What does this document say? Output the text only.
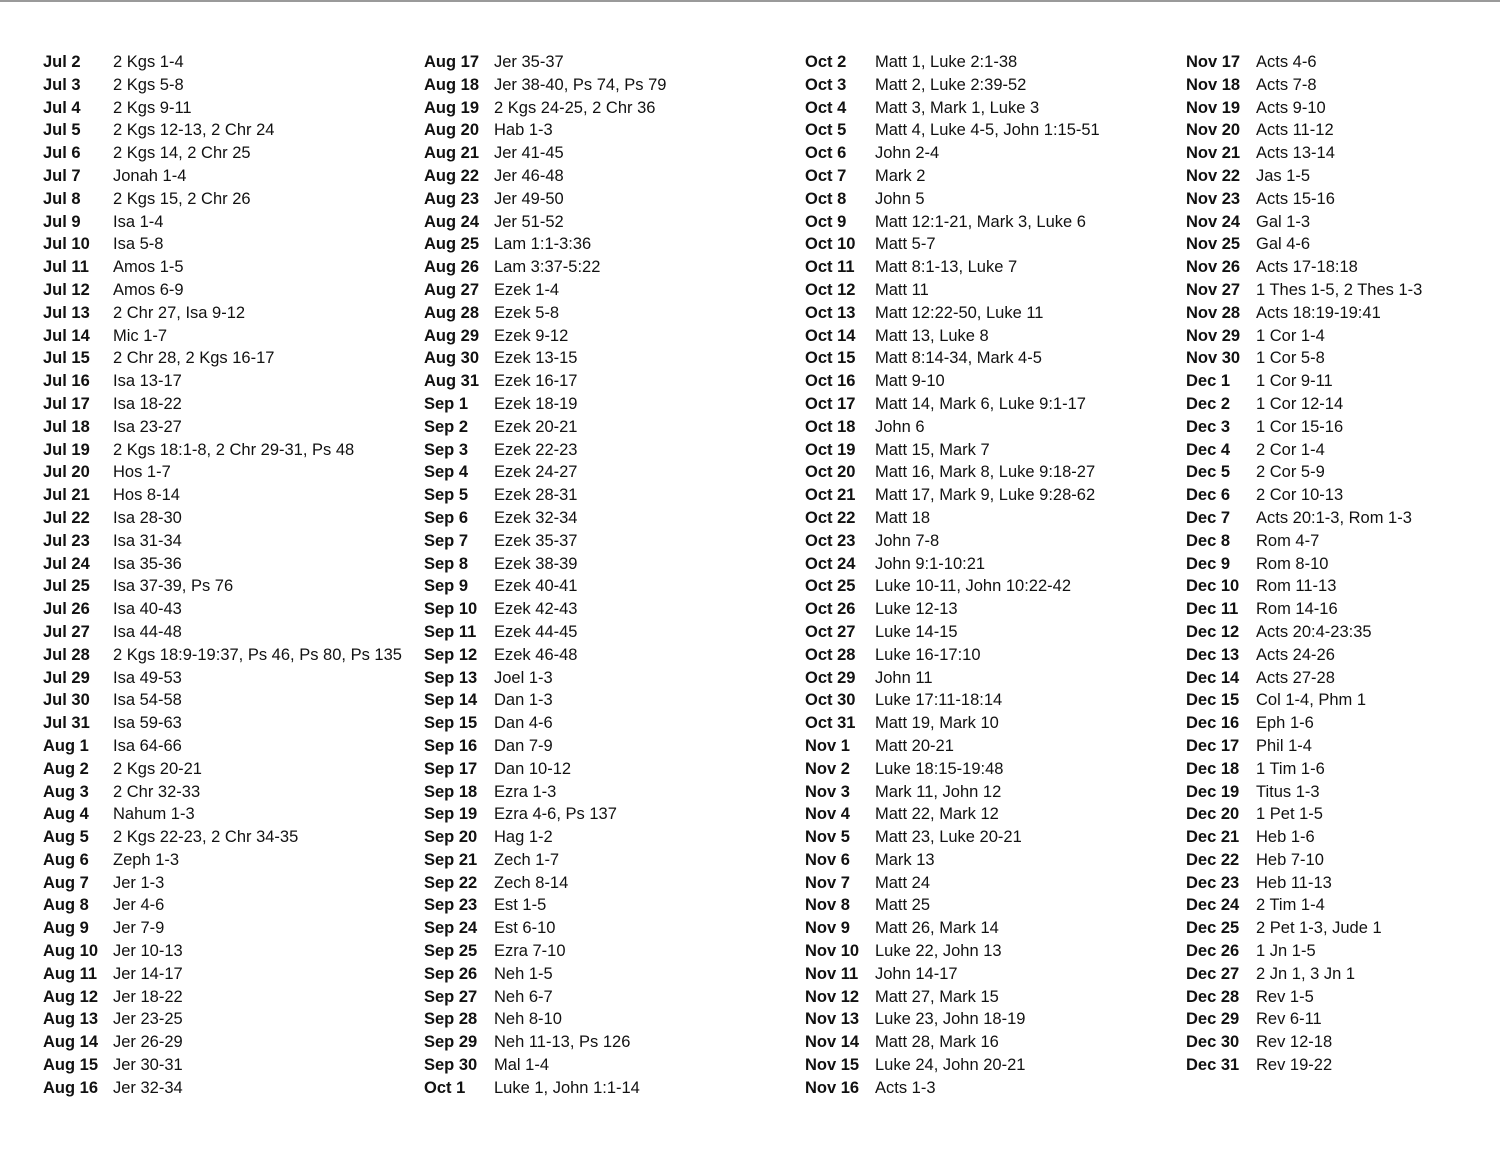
Jul 2	2 Kgs 1-4
Jul 3	2 Kgs 5-8
Jul 4	2 Kgs 9-11
Jul 5	2 Kgs 12-13, 2 Chr 24
Jul 6	2 Kgs 14, 2 Chr 25
Jul 7	Jonah 1-4
Jul 8	2 Kgs 15, 2 Chr 26
Jul 9	Isa 1-4
Jul 10	Isa 5-8
Jul 11	Amos 1-5
Jul 12	Amos 6-9
Jul 13	2 Chr 27, Isa 9-12
Jul 14	Mic 1-7
Jul 15	2 Chr 28, 2 Kgs 16-17
Jul 16	Isa 13-17
Jul 17	Isa 18-22
Jul 18	Isa 23-27
Jul 19	2 Kgs 18:1-8, 2 Chr 29-31, Ps 48
Jul 20	Hos 1-7
Jul 21	Hos 8-14
Jul 22	Isa 28-30
Jul 23	Isa 31-34
Jul 24	Isa 35-36
Jul 25	Isa 37-39, Ps 76
Jul 26	Isa 40-43
Jul 27	Isa 44-48
Jul 28	2 Kgs 18:9-19:37, Ps 46, Ps 80, Ps 135
Jul 29	Isa 49-53
Jul 30	Isa 54-58
Jul 31	Isa 59-63
Aug 1	Isa 64-66
Aug 2	2 Kgs 20-21
Aug 3	2 Chr 32-33
Aug 4	Nahum 1-3
Aug 5	2 Kgs 22-23, 2 Chr 34-35
Aug 6	Zeph 1-3
Aug 7	Jer 1-3
Aug 8	Jer 4-6
Aug 9	Jer 7-9
Aug 10 Jer 10-13
Aug 11 Jer 14-17
Aug 12 Jer 18-22
Aug 13 Jer 23-25
Aug 14 Jer 26-29
Aug 15 Jer 30-31
Aug 16 Jer 32-34
Aug 17 Jer 35-37
Aug 18 Jer 38-40, Ps 74, Ps 79
Aug 19 2 Kgs 24-25, 2 Chr 36
Aug 20 Hab 1-3
Aug 21 Jer 41-45
Aug 22 Jer 46-48
Aug 23 Jer 49-50
Aug 24 Jer 51-52
Aug 25 Lam 1:1-3:36
Aug 26 Lam 3:37-5:22
Aug 27 Ezek 1-4
Aug 28 Ezek 5-8
Aug 29 Ezek 9-12
Aug 30 Ezek 13-15
Aug 31 Ezek 16-17
Sep 1	Ezek 18-19
Sep 2	Ezek 20-21
Sep 3	Ezek 22-23
Sep 4	Ezek 24-27
Sep 5	Ezek 28-31
Sep 6	Ezek 32-34
Sep 7	Ezek 35-37
Sep 8	Ezek 38-39
Sep 9	Ezek 40-41
Sep 10	Ezek 42-43
Sep 11	Ezek 44-45
Sep 12	Ezek 46-48
Sep 13	Joel 1-3
Sep 14	Dan 1-3
Sep 15	Dan 4-6
Sep 16	Dan 7-9
Sep 17	Dan 10-12
Sep 18	Ezra 1-3
Sep 19	Ezra 4-6, Ps 137
Sep 20	Hag 1-2
Sep 21	Zech 1-7
Sep 22	Zech 8-14
Sep 23	Est 1-5
Sep 24	Est 6-10
Sep 25	Ezra 7-10
Sep 26	Neh 1-5
Sep 27	Neh 6-7
Sep 28	Neh 8-10
Sep 29	Neh 11-13, Ps 126
Sep 30	Mal 1-4
Oct 1	Luke 1, John 1:1-14
Oct 2	Matt 1, Luke 2:1-38
Oct 3	Matt 2, Luke 2:39-52
Oct 4	Matt 3, Mark 1, Luke 3
Oct 5	Matt 4, Luke 4-5, John 1:15-51
Oct 6	John 2-4
Oct 7	Mark 2
Oct 8	John 5
Oct 9	Matt 12:1-21, Mark 3, Luke 6
Oct 10	Matt 5-7
Oct 11	Matt 8:1-13, Luke 7
Oct 12	Matt 11
Oct 13	Matt 12:22-50, Luke 11
Oct 14	Matt 13, Luke 8
Oct 15	Matt 8:14-34, Mark 4-5
Oct 16	Matt 9-10
Oct 17	Matt 14, Mark 6, Luke 9:1-17
Oct 18	John 6
Oct 19	Matt 15, Mark 7
Oct 20	Matt 16, Mark 8, Luke 9:18-27
Oct 21	Matt 17, Mark 9, Luke 9:28-62
Oct 22	Matt 18
Oct 23	John 7-8
Oct 24	John 9:1-10:21
Oct 25	Luke 10-11, John 10:22-42
Oct 26	Luke 12-13
Oct 27	Luke 14-15
Oct 28	Luke 16-17:10
Oct 29	John 11
Oct 30	Luke 17:11-18:14
Oct 31	Matt 19, Mark 10
Nov 1	Matt 20-21
Nov 2	Luke 18:15-19:48
Nov 3	Mark 11, John 12
Nov 4	Matt 22, Mark 12
Nov 5	Matt 23, Luke 20-21
Nov 6	Mark 13
Nov 7	Matt 24
Nov 8	Matt 25
Nov 9	Matt 26, Mark 14
Nov 10 Luke 22, John 13
Nov 11	John 14-17
Nov 12 Matt 27, Mark 15
Nov 13 Luke 23, John 18-19
Nov 14 Matt 28, Mark 16
Nov 15 Luke 24, John 20-21
Nov 16 Acts 1-3
Nov 17 Acts 4-6
Nov 18 Acts 7-8
Nov 19 Acts 9-10
Nov 20 Acts 11-12
Nov 21 Acts 13-14
Nov 22 Jas 1-5
Nov 23 Acts 15-16
Nov 24 Gal 1-3
Nov 25 Gal 4-6
Nov 26 Acts 17-18:18
Nov 27 1 Thes 1-5, 2 Thes 1-3
Nov 28 Acts 18:19-19:41
Nov 29 1 Cor 1-4
Nov 30 1 Cor 5-8
Dec 1	1 Cor 9-11
Dec 2	1 Cor 12-14
Dec 3	1 Cor 15-16
Dec 4	2 Cor 1-4
Dec 5	2 Cor 5-9
Dec 6	2 Cor 10-13
Dec 7	Acts 20:1-3, Rom 1-3
Dec 8	Rom 4-7
Dec 9	Rom 8-10
Dec 10	Rom 11-13
Dec 11	Rom 14-16
Dec 12	Acts 20:4-23:35
Dec 13	Acts 24-26
Dec 14	Acts 27-28
Dec 15	Col 1-4, Phm 1
Dec 16	Eph 1-6
Dec 17	Phil 1-4
Dec 18	1 Tim 1-6
Dec 19	Titus 1-3
Dec 20	1 Pet 1-5
Dec 21	Heb 1-6
Dec 22	Heb 7-10
Dec 23	Heb 11-13
Dec 24	2 Tim 1-4
Dec 25	2 Pet 1-3, Jude 1
Dec 26	1 Jn 1-5
Dec 27	2 Jn 1, 3 Jn 1
Dec 28	Rev 1-5
Dec 29	Rev 6-11
Dec 30	Rev 12-18
Dec 31	Rev 19-22
